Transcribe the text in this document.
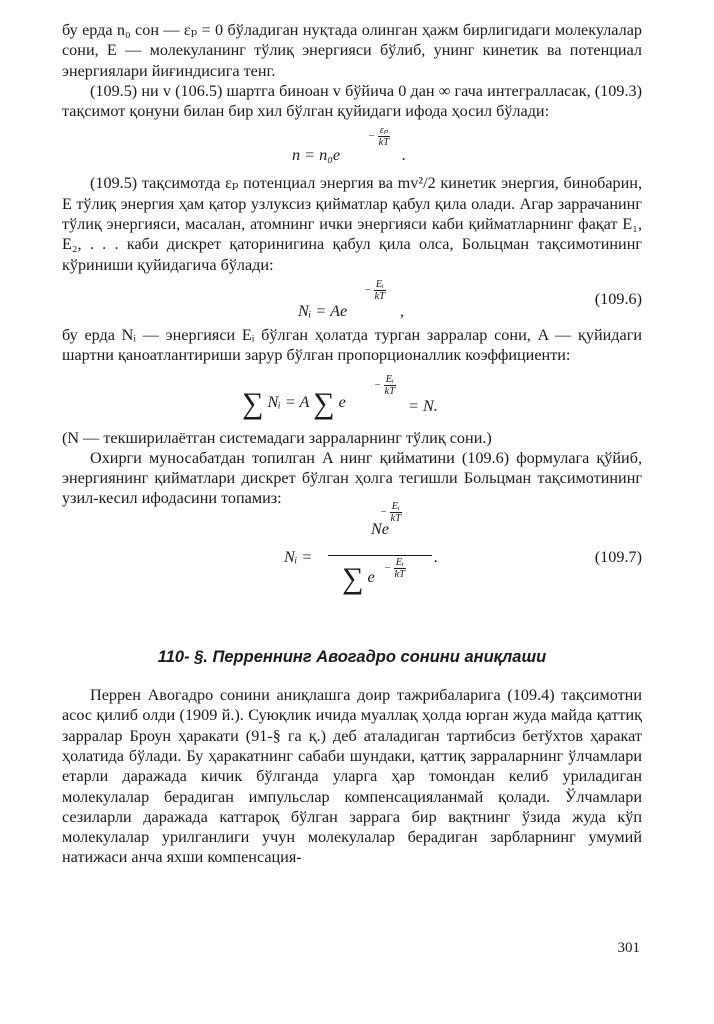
бу ерда n₀ сон — εₚ = 0 бўладиган нуқтада олинган ҳажм бирлигидаги молекулалар сони, E — молекуланинг тўлиқ энергияси бўлиб, унинг кинетик ва потенциал энергиялари йиғиндисига тенг.

(109.5) ни v (106.5) шартга биноан v бўйича 0 дан ∞ гача интегралласак, (109.3) тақсимот қонуни билан бир хил бўлган қуйидаги ифода ҳосил бўлади:

n = n₀e
− $\frac{\text{εₚ}}{kT}$
.

(109.5) тақсимотда εₚ потенциал энергия ва mv²/2 кинетик энергия, бинобарин, E тўлиқ энергия ҳам қатор узлуксиз қийматлар қабул қила олади. Агар заррачанинг тўлиқ энергияси, масалан, атомнинг ички энергияси каби қийматларнинг фақат E₁, E₂, . . . каби дискрет қаторинигина қабул қила олса, Больцман тақсимотининг кўриниши қуйидагича бўлади:

Nᵢ = Ae
− $\frac{\text{Eᵢ}}{kT}$
,
(109.6)

бу ерда Nᵢ — энергияси Eᵢ бўлган ҳолатда турган зарралар сони, A — қуйидаги шартни қаноатлантириши зарур бўлган пропорционаллик коэффициенти:

∑ Nᵢ = A ∑ e
− $\frac{\text{Eᵢ}}{kT}$
= N.

(N — текширилаётган системадаги зарраларнинг тўлиқ сони.)

Охирги муносабатдан топилган A нинг қийматини (109.6) формулага қўйиб, энергиянинг қийматлари дискрет бўлган ҳолга тегишли Больцман тақсимотининг узил-кесил ифодасини топамиз:

Nᵢ =
Ne
− $\frac{\text{Eᵢ}}{kT}$
∑ $e - \frac{\text{Eᵢ}}{kT}$ .	(109.7)
110- §. Перреннинг Авогадро сонини аниқлаши

Перрен Авогадро сонини аниқлашга доир тажрибаларига (109.4) тақсимотни асос қилиб олди (1909 й.). Суюқлик ичида муаллақ ҳолда юрган жуда майда қаттиқ зарралар Броун ҳаракати (91-§ га қ.) деб аталадиган тартибсиз бетўхтов ҳаракат ҳолатида бўлади. Бу ҳаракатнинг сабаби шундаки, қаттиқ зарраларнинг ўлчамлари етарли даражада кичик бўлганда уларга ҳар томондан келиб уриладиган молекулалар берадиган импульслар компенсацияланмай қолади. Ўлчамлари сезиларли даражада каттароқ бўлган заррага бир вақтнинг ўзида жуда кўп молекулалар урилганлиги учун молекулалар берадиган зарбларнинг умумий натижаси анча яхши компенсация-

301
